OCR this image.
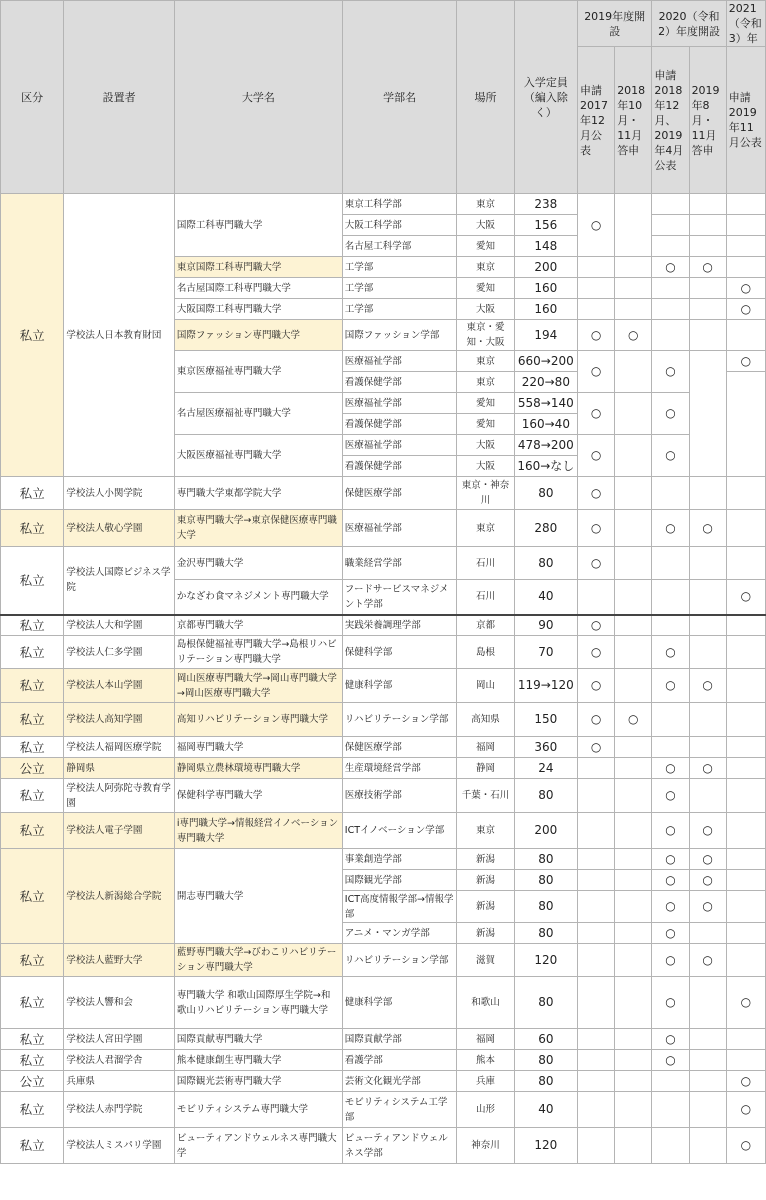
区分	設置者	大学名	学部名	場所	入学定員（編入除く）	2019年度開設		2020（令和2）年度開設		2021（令和3）年
						申請2017年12月公表	2018年10月・11月答申	申請2018年12月、2019年4月公表	2019年8月・11月答申	申請2019年11月公表
私立	学校法人日本教育財団	国際工科専門職大学	東京工科学部	東京	238	○				
			大阪工科学部	大阪	156					
			名古屋工科学部	愛知	148					
		東京国際工科専門職大学	工学部	東京	200			○	○	
		名古屋国際工科専門職大学	工学部	愛知	160					○
		大阪国際工科専門職大学	工学部	大阪	160					○
		国際ファッション専門職大学	国際ファッション学部	東京・愛知・大阪	194	○	○			
		東京医療福祉専門職大学	医療福祉学部	東京	660→200	○		○		○
			看護保健学部	東京	220→80					
		名古屋医療福祉専門職大学	医療福祉学部	愛知	558→140	○		○		
			看護保健学部	愛知	160→40					
		大阪医療福祉専門職大学	医療福祉学部	大阪	478→200	○		○		
			看護保健学部	大阪	160→なし					
私立	学校法人小関学院	専門職大学東都学院大学	保健医療学部	東京・神奈川	80	○				
私立	学校法人敬心学園	東京専門職大学→東京保健医療専門職大学	医療福祉学部	東京	280	○		○	○	
私立	学校法人国際ビジネス学院	金沢専門職大学	職業経営学部	石川	80	○				
		かなざわ食マネジメント専門職大学	フードサービスマネジメント学部	石川	40					○
私立	学校法人大和学園	京都専門職大学	実践栄養調理学部	京都	90	○				
私立	学校法人仁多学園	島根保健福祉専門職大学→島根リハビリテーション専門職大学	保健科学部	島根	70	○		○		
私立	学校法人本山学園	岡山医療専門職大学→岡山専門職大学→岡山医療専門職大学	健康科学部	岡山	119→120	○		○	○	
私立	学校法人高知学園	高知リハビリテーション専門職大学	リハビリテーション学部	高知県	150	○	○			
私立	学校法人福岡医療学院	福岡専門職大学	保健医療学部	福岡	360	○				
公立	静岡県	静岡県立農林環境専門職大学	生産環境経営学部	静岡	24			○	○	
私立	学校法人阿弥陀寺教育学園	保健科学専門職大学	医療技術学部	千葉・石川	80			○		
私立	学校法人電子学園	i専門職大学→情報経営イノベーション専門職大学	ICTイノベーション学部	東京	200			○	○	
私立	学校法人新潟総合学院	開志専門職大学	事業創造学部	新潟	80			○	○	
			国際観光学部	新潟	80			○	○	
			ICT高度情報学部→情報学部	新潟	80			○	○	
			アニメ・マンガ学部	新潟	80			○		
私立	学校法人藍野大学	藍野専門職大学→びわこリハビリテーション専門職大学	リハビリテーション学部	滋賀	120			○	○	
私立	学校法人響和会	専門職大学 和歌山国際厚生学院→和歌山リハビリテーション専門職大学	健康科学部	和歌山	80			○		○
私立	学校法人宮田学園	国際貢献専門職大学	国際貢献学部	福岡	60			○		
私立	学校法人君溜学舎	熊本健康創生専門職大学	看護学部	熊本	80			○		
公立	兵庫県	国際観光芸術専門職大学	芸術文化観光学部	兵庫	80					○
私立	学校法人赤門学院	モビリティシステム専門職大学	モビリティシステム工学部	山形	40					○
私立	学校法人ミスパリ学園	ビューティアンドウェルネス専門職大学	ビューティアンドウェルネス学部	神奈川	120					○
